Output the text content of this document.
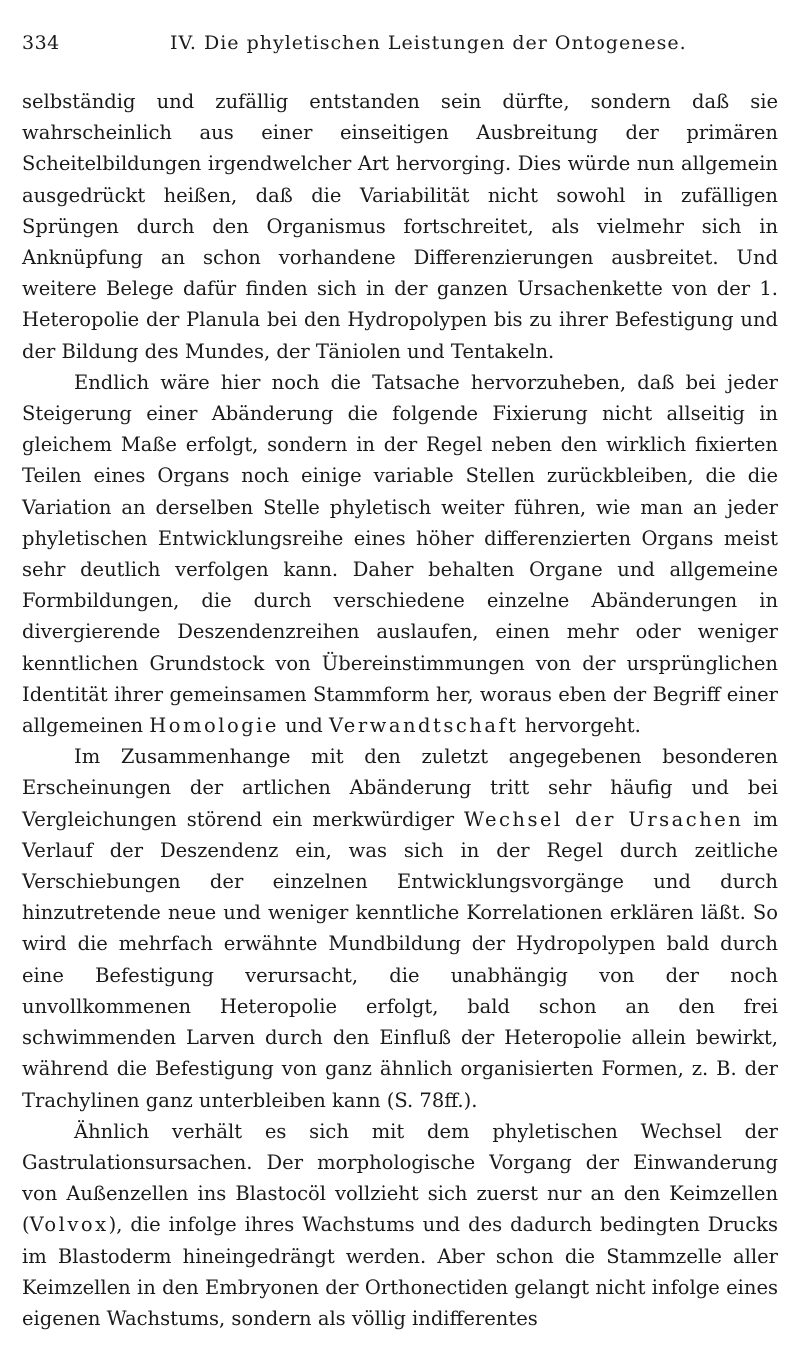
334	IV. Die phyletischen Leistungen der Ontogenese.

selbständig und zufällig entstanden sein dürfte, sondern daß sie wahrscheinlich aus einer einseitigen Ausbreitung der primären Scheitelbildungen irgendwelcher Art hervorging. Dies würde nun allgemein ausgedrückt heißen, daß die Variabilität nicht sowohl in zufälligen Sprüngen durch den Organismus fortschreitet, als vielmehr sich in Anknüpfung an schon vorhandene Differenzierungen ausbreitet. Und weitere Belege dafür finden sich in der ganzen Ursachenkette von der 1. Heteropolie der Planula bei den Hydropolypen bis zu ihrer Befestigung und der Bildung des Mundes, der Täniolen und Tentakeln.

Endlich wäre hier noch die Tatsache hervorzuheben, daß bei jeder Steigerung einer Abänderung die folgende Fixierung nicht allseitig in gleichem Maße erfolgt, sondern in der Regel neben den wirklich fixierten Teilen eines Organs noch einige variable Stellen zurückbleiben, die die Variation an derselben Stelle phyletisch weiter führen, wie man an jeder phyletischen Entwicklungsreihe eines höher differenzierten Organs meist sehr deutlich verfolgen kann. Daher behalten Organe und allgemeine Formbildungen, die durch verschiedene einzelne Abänderungen in divergierende Deszendenzreihen auslaufen, einen mehr oder weniger kenntlichen Grundstock von Übereinstimmungen von der ursprünglichen Identität ihrer gemeinsamen Stammform her, woraus eben der Begriff einer allgemeinen Homologie und Verwandtschaft hervorgeht.

Im Zusammenhange mit den zuletzt angegebenen besonderen Erscheinungen der artlichen Abänderung tritt sehr häufig und bei Vergleichungen störend ein merkwürdiger Wechsel der Ursachen im Verlauf der Deszendenz ein, was sich in der Regel durch zeitliche Verschiebungen der einzelnen Entwicklungsvorgänge und durch hinzutretende neue und weniger kenntliche Korrelationen erklären läßt. So wird die mehrfach erwähnte Mundbildung der Hydropolypen bald durch eine Befestigung verursacht, die unabhängig von der noch unvollkommenen Heteropolie erfolgt, bald schon an den frei schwimmenden Larven durch den Einfluß der Heteropolie allein bewirkt, während die Befestigung von ganz ähnlich organisierten Formen, z. B. der Trachylinen ganz unterbleiben kann (S. 78ff.).

Ähnlich verhält es sich mit dem phyletischen Wechsel der Gastrulationsursachen. Der morphologische Vorgang der Einwanderung von Außenzellen ins Blastocöl vollzieht sich zuerst nur an den Keimzellen (Volvox), die infolge ihres Wachstums und des dadurch bedingten Drucks im Blastoderm hineingedrängt werden. Aber schon die Stammzelle aller Keimzellen in den Embryonen der Orthonectiden gelangt nicht infolge eines eigenen Wachstums, sondern als völlig indifferentes
